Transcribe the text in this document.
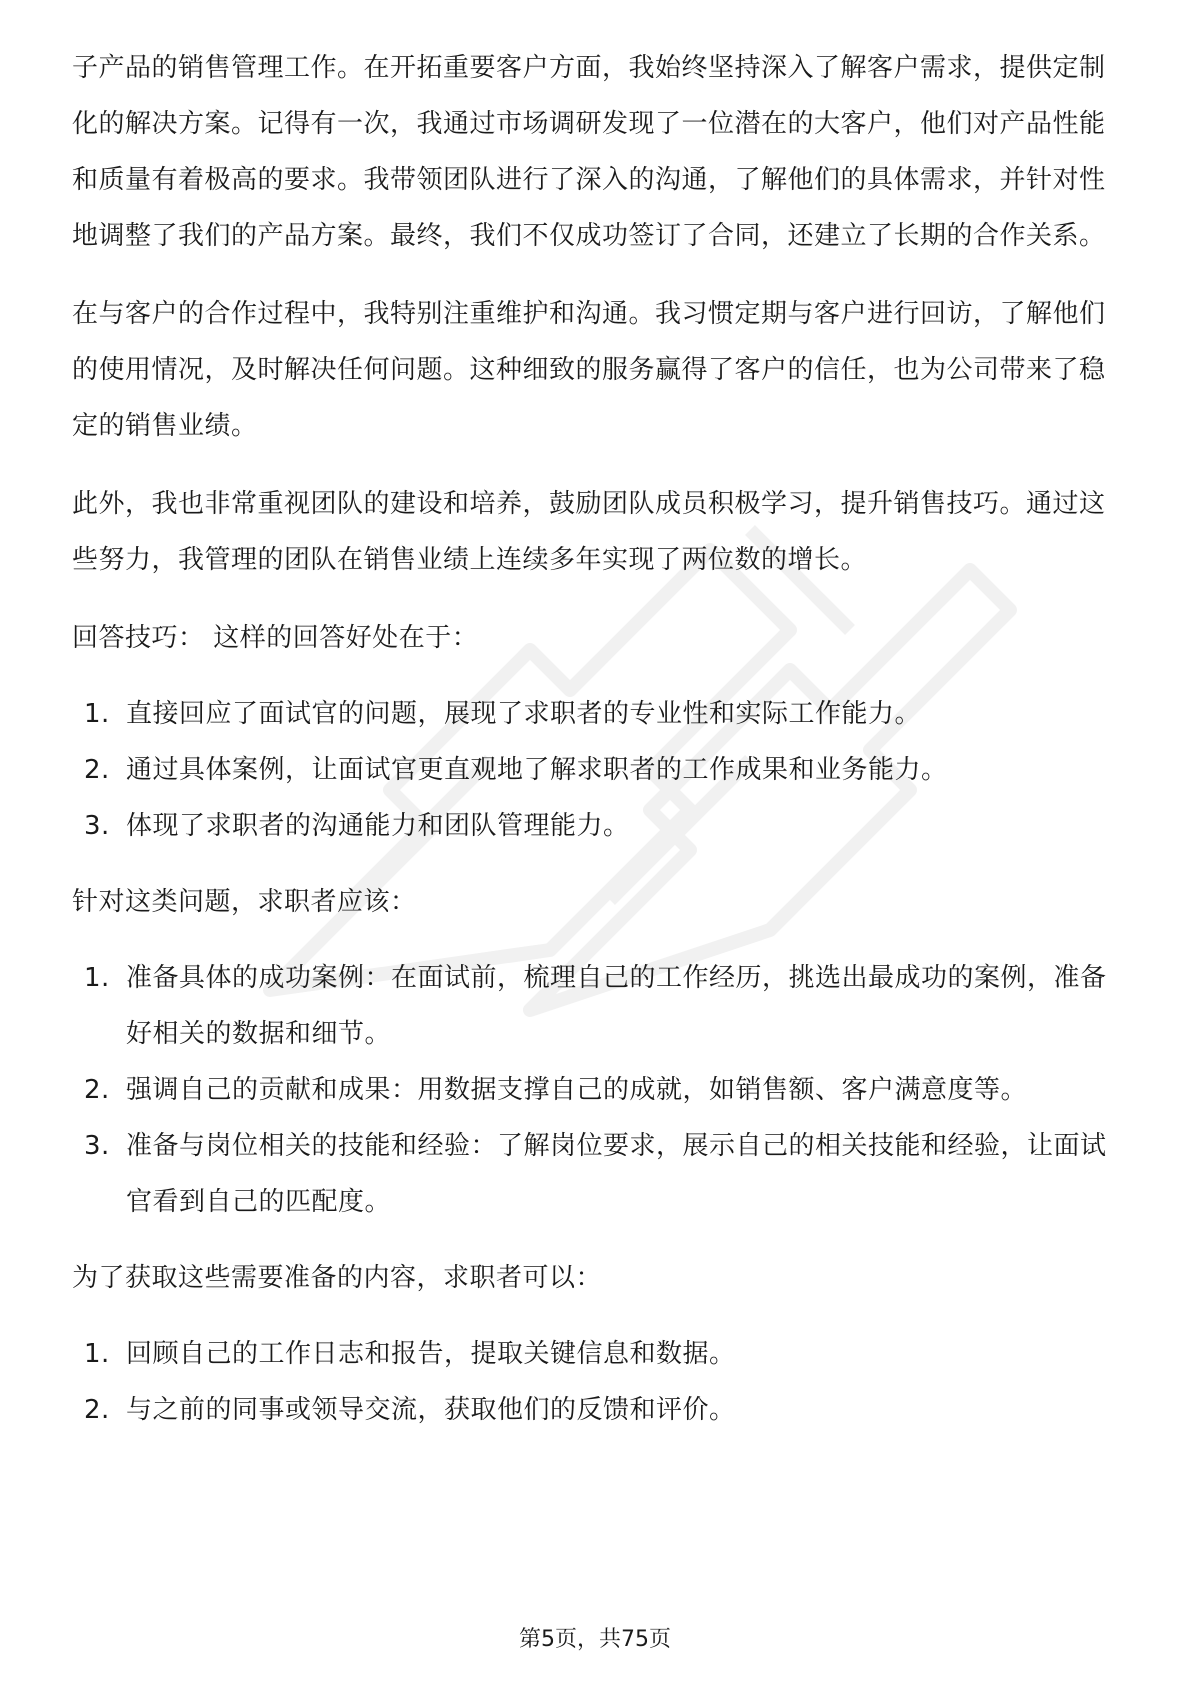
子产品的销售管理工作。在开拓重要客户方面，我始终坚持深入了解客户需求，提供定制化的解决方案。记得有一次，我通过市场调研发现了一位潜在的大客户，他们对产品性能和质量有着极高的要求。我带领团队进行了深入的沟通，了解他们的具体需求，并针对性地调整了我们的产品方案。最终，我们不仅成功签订了合同，还建立了长期的合作关系。

在与客户的合作过程中，我特别注重维护和沟通。我习惯定期与客户进行回访，了解他们的使用情况，及时解决任何问题。这种细致的服务赢得了客户的信任，也为公司带来了稳定的销售业绩。

此外，我也非常重视团队的建设和培养，鼓励团队成员积极学习，提升销售技巧。通过这些努力，我管理的团队在销售业绩上连续多年实现了两位数的增长。

回答技巧： 这样的回答好处在于：

1. 直接回应了面试官的问题，展现了求职者的专业性和实际工作能力。
2. 通过具体案例，让面试官更直观地了解求职者的工作成果和业务能力。
3. 体现了求职者的沟通能力和团队管理能力。

针对这类问题，求职者应该：

1. 准备具体的成功案例：在面试前，梳理自己的工作经历，挑选出最成功的案例，准备好相关的数据和细节。
2. 强调自己的贡献和成果：用数据支撑自己的成就，如销售额、客户满意度等。
3. 准备与岗位相关的技能和经验：了解岗位要求，展示自己的相关技能和经验，让面试官看到自己的匹配度。

为了获取这些需要准备的内容，求职者可以：

1. 回顾自己的工作日志和报告，提取关键信息和数据。
2. 与之前的同事或领导交流，获取他们的反馈和评价。
第5页，共75页
